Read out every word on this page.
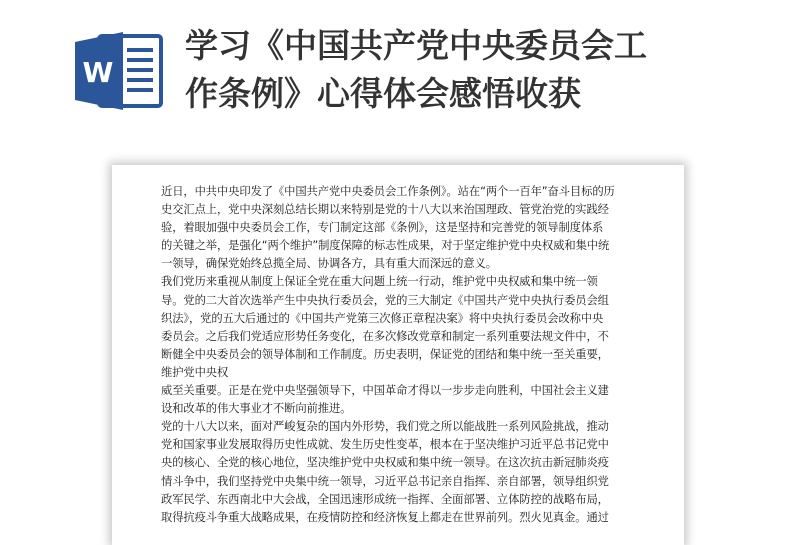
W
学习《中国共产党中央委员会工
作条例》心得体会感悟收获
近日，中共中央印发了《中国共产党中央委员会工作条例》。站在“两个一百年”奋斗目标的历
史交汇点上，党中央深刻总结长期以来特别是党的十八大以来治国理政、管党治党的实践经
验，着眼加强中央委员会工作，专门制定这部《条例》，这是坚持和完善党的领导制度体系
的关键之举，是强化“两个维护”制度保障的标志性成果，对于坚定维护党中央权威和集中统
一领导，确保党始终总揽全局、协调各方，具有重大而深远的意义。
我们党历来重视从制度上保证全党在重大问题上统一行动，维护党中央权威和集中统一领
导。党的二大首次选举产生中央执行委员会，党的三大制定《中国共产党中央执行委员会组
织法》，党的五大后通过的《中国共产党第三次修正章程决案》将中央执行委员会改称中央
委员会。之后我们党适应形势任务变化，在多次修改党章和制定一系列重要法规文件中，不
断健全中央委员会的领导体制和工作制度。历史表明，保证党的团结和集中统一至关重要，
维护党中央权
威至关重要。正是在党中央坚强领导下，中国革命才得以一步步走向胜利，中国社会主义建
设和改革的伟大事业才不断向前推进。
党的十八大以来，面对严峻复杂的国内外形势，我们党之所以能战胜一系列风险挑战，推动
党和国家事业发展取得历史性成就、发生历史性变革，根本在于坚决维护习近平总书记党中
央的核心、全党的核心地位，坚决维护党中央权威和集中统一领导。在这次抗击新冠肺炎疫
情斗争中，我们坚持党中央集中统一领导，习近平总书记亲自指挥、亲自部署，领导组织党
政军民学、东西南北中大会战，全国迅速形成统一指挥、全面部署、立体防控的战略布局，
取得抗疫斗争重大战略成果，在疫情防控和经济恢复上都走在世界前列。烈火见真金。通过
